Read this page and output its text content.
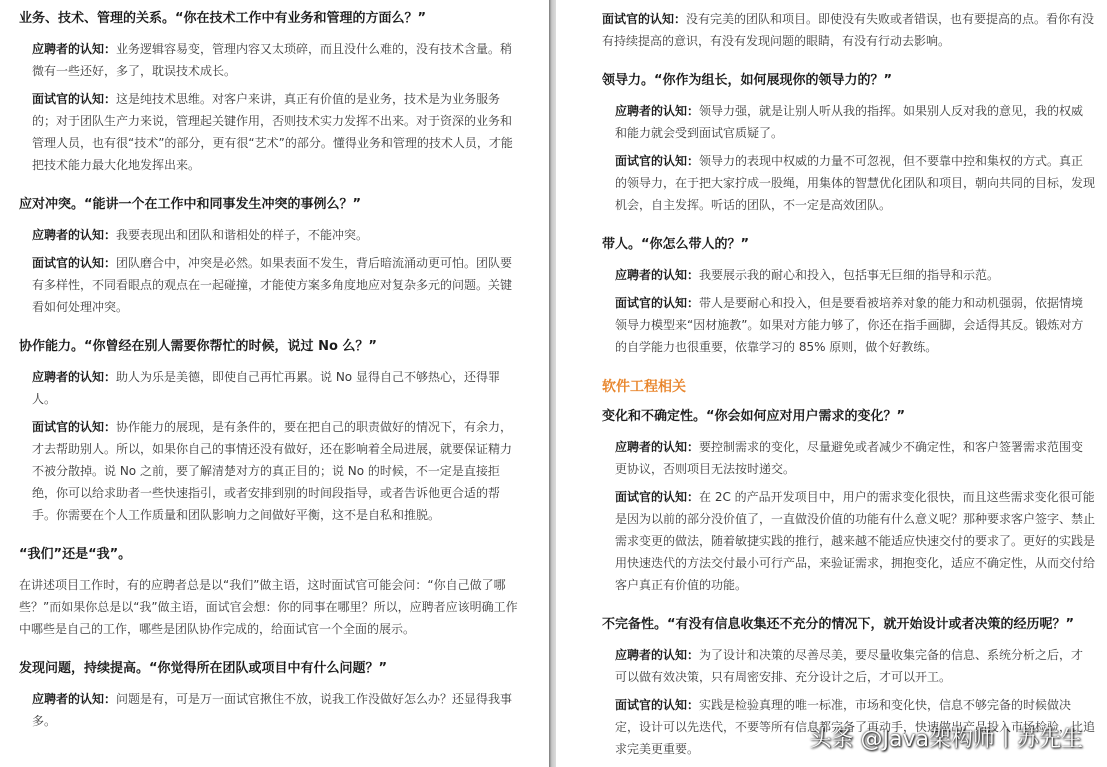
业务、技术、管理的关系。“你在技术工作中有业务和管理的方面么？”
应聘者的认知：业务逻辑容易变，管理内容又太琐碎，而且没什么难的，没有技术含量。稍微有一些还好，多了，耽误技术成长。
面试官的认知：这是纯技术思维。对客户来讲，真正有价值的是业务，技术是为业务服务的；对于团队生产力来说，管理起关键作用，否则技术实力发挥不出来。对于资深的业务和管理人员，也有很“技术”的部分，更有很“艺术”的部分。懂得业务和管理的技术人员，才能把技术能力最大化地发挥出来。
应对冲突。“能讲一个在工作中和同事发生冲突的事例么？”
应聘者的认知：我要表现出和团队和谐相处的样子，不能冲突。
面试官的认知：团队磨合中，冲突是必然。如果表面不发生，背后暗流涌动更可怕。团队要有多样性，不同看眼点的观点在一起碰撞，才能使方案多角度地应对复杂多元的问题。关键看如何处理冲突。
协作能力。“你曾经在别人需要你帮忙的时候，说过 No 么？”
应聘者的认知：助人为乐是美德，即使自己再忙再累。说 No 显得自己不够热心，还得罪人。
面试官的认知：协作能力的展现，是有条件的，要在把自己的职责做好的情况下，有余力，才去帮助别人。所以，如果你自己的事情还没有做好，还在影响着全局进展，就要保证精力不被分散掉。说 No 之前，要了解清楚对方的真正目的；说 No 的时候，不一定是直接拒绝，你可以给求助者一些快速指引，或者安排到别的时间段指导，或者告诉他更合适的帮手。你需要在个人工作质量和团队影响力之间做好平衡，这不是自私和推脱。
“我们”还是“我”。
在讲述项目工作时，有的应聘者总是以“我们”做主语，这时面试官可能会问：“你自己做了哪些？”而如果你总是以“我”做主语，面试官会想：你的同事在哪里？所以，应聘者应该明确工作中哪些是自己的工作，哪些是团队协作完成的，给面试官一个全面的展示。
发现问题，持续提高。“你觉得所在团队或项目中有什么问题？”
应聘者的认知：问题是有，可是万一面试官揪住不放，说我工作没做好怎么办？还显得我事多。
面试官的认知：没有完美的团队和项目。即使没有失败或者错误，也有要提高的点。看你有没有持续提高的意识，有没有发现问题的眼睛，有没有行动去影响。
领导力。“你作为组长，如何展现你的领导力的？”
应聘者的认知：领导力强，就是让别人听从我的指挥。如果别人反对我的意见，我的权威和能力就会受到面试官质疑了。
面试官的认知：领导力的表现中权威的力量不可忽视，但不要靠中控和集权的方式。真正的领导力，在于把大家拧成一股绳，用集体的智慧优化团队和项目，朝向共同的目标，发现机会，自主发挥。听话的团队，不一定是高效团队。
带人。“你怎么带人的？”
应聘者的认知：我要展示我的耐心和投入，包括事无巨细的指导和示范。
面试官的认知：带人是要耐心和投入，但是要看被培养对象的能力和动机强弱，依据情境领导力模型来“因材施教”。如果对方能力够了，你还在指手画脚，会适得其反。锻炼对方的自学能力也很重要，依靠学习的 85% 原则，做个好教练。
软件工程相关
变化和不确定性。“你会如何应对用户需求的变化？”
应聘者的认知：要控制需求的变化，尽量避免或者减少不确定性，和客户签署需求范围变更协议，否则项目无法按时递交。
面试官的认知：在 2C 的产品开发项目中，用户的需求变化很快，而且这些需求变化很可能是因为以前的部分没价值了，一直做没价值的功能有什么意义呢？那种要求客户签字、禁止需求变更的做法，随着敏捷实践的推行，越来越不能适应快速交付的要求了。更好的实践是用快速迭代的方法交付最小可行产品，来验证需求，拥抱变化，适应不确定性，从而交付给客户真正有价值的功能。
不完备性。“有没有信息收集还不充分的情况下，就开始设计或者决策的经历呢？”
应聘者的认知：为了设计和决策的尽善尽美，要尽量收集完备的信息、系统分析之后，才可以做有效决策，只有周密安排、充分设计之后，才可以开工。
面试官的认知：实践是检验真理的唯一标准，市场和变化快，信息不够完备的时候做决定，设计可以先迭代，不要等所有信息都完备了再动手，快速做出产品投入市场检验，比追求完美更重要。	头条 @Java架构师丨苏先生
